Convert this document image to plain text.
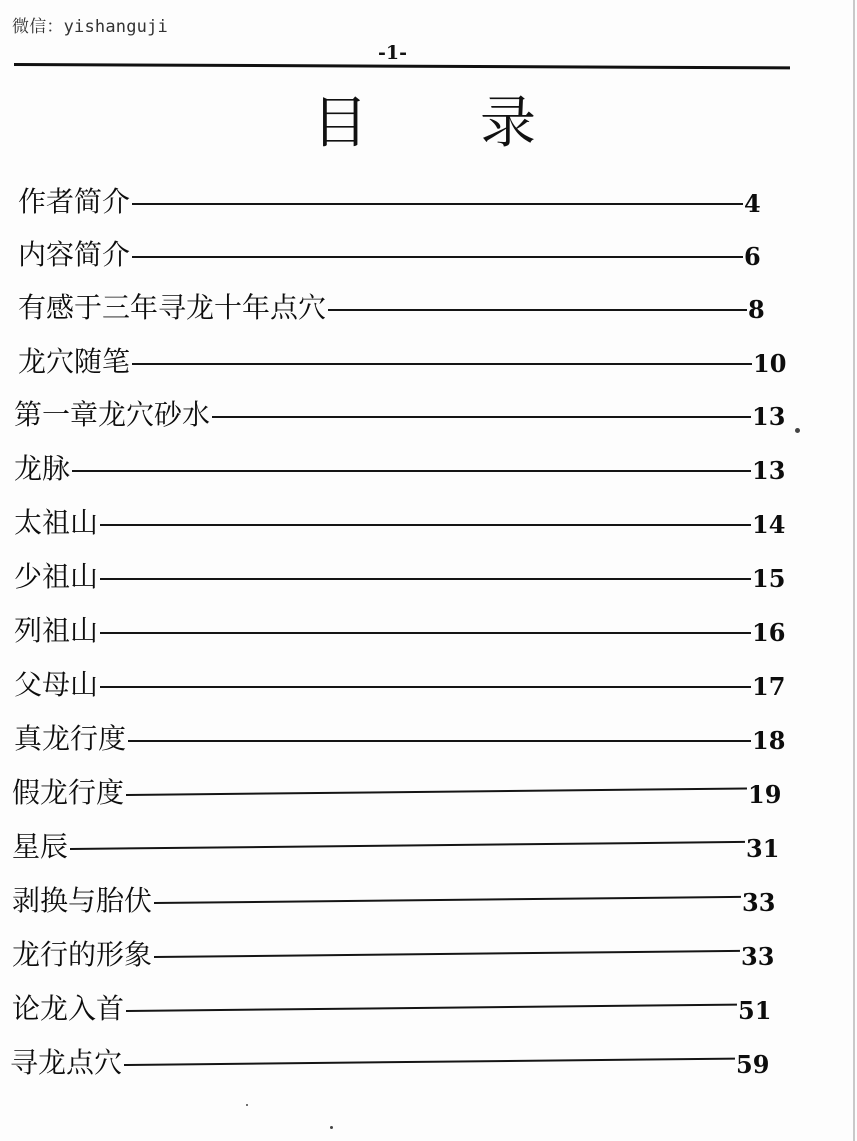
微信：yishanguji
-1-
目 录
作者简介	4
内容简介	6
有感于三年寻龙十年点穴	8
龙穴随笔	10
第一章龙穴砂水	13
龙脉	13
太祖山	14
少祖山	15
列祖山	16
父母山	17
真龙行度	18
假龙行度	19
星辰	31
剥换与胎伏	33
龙行的形象	33
论龙入首	51
寻龙点穴	59
